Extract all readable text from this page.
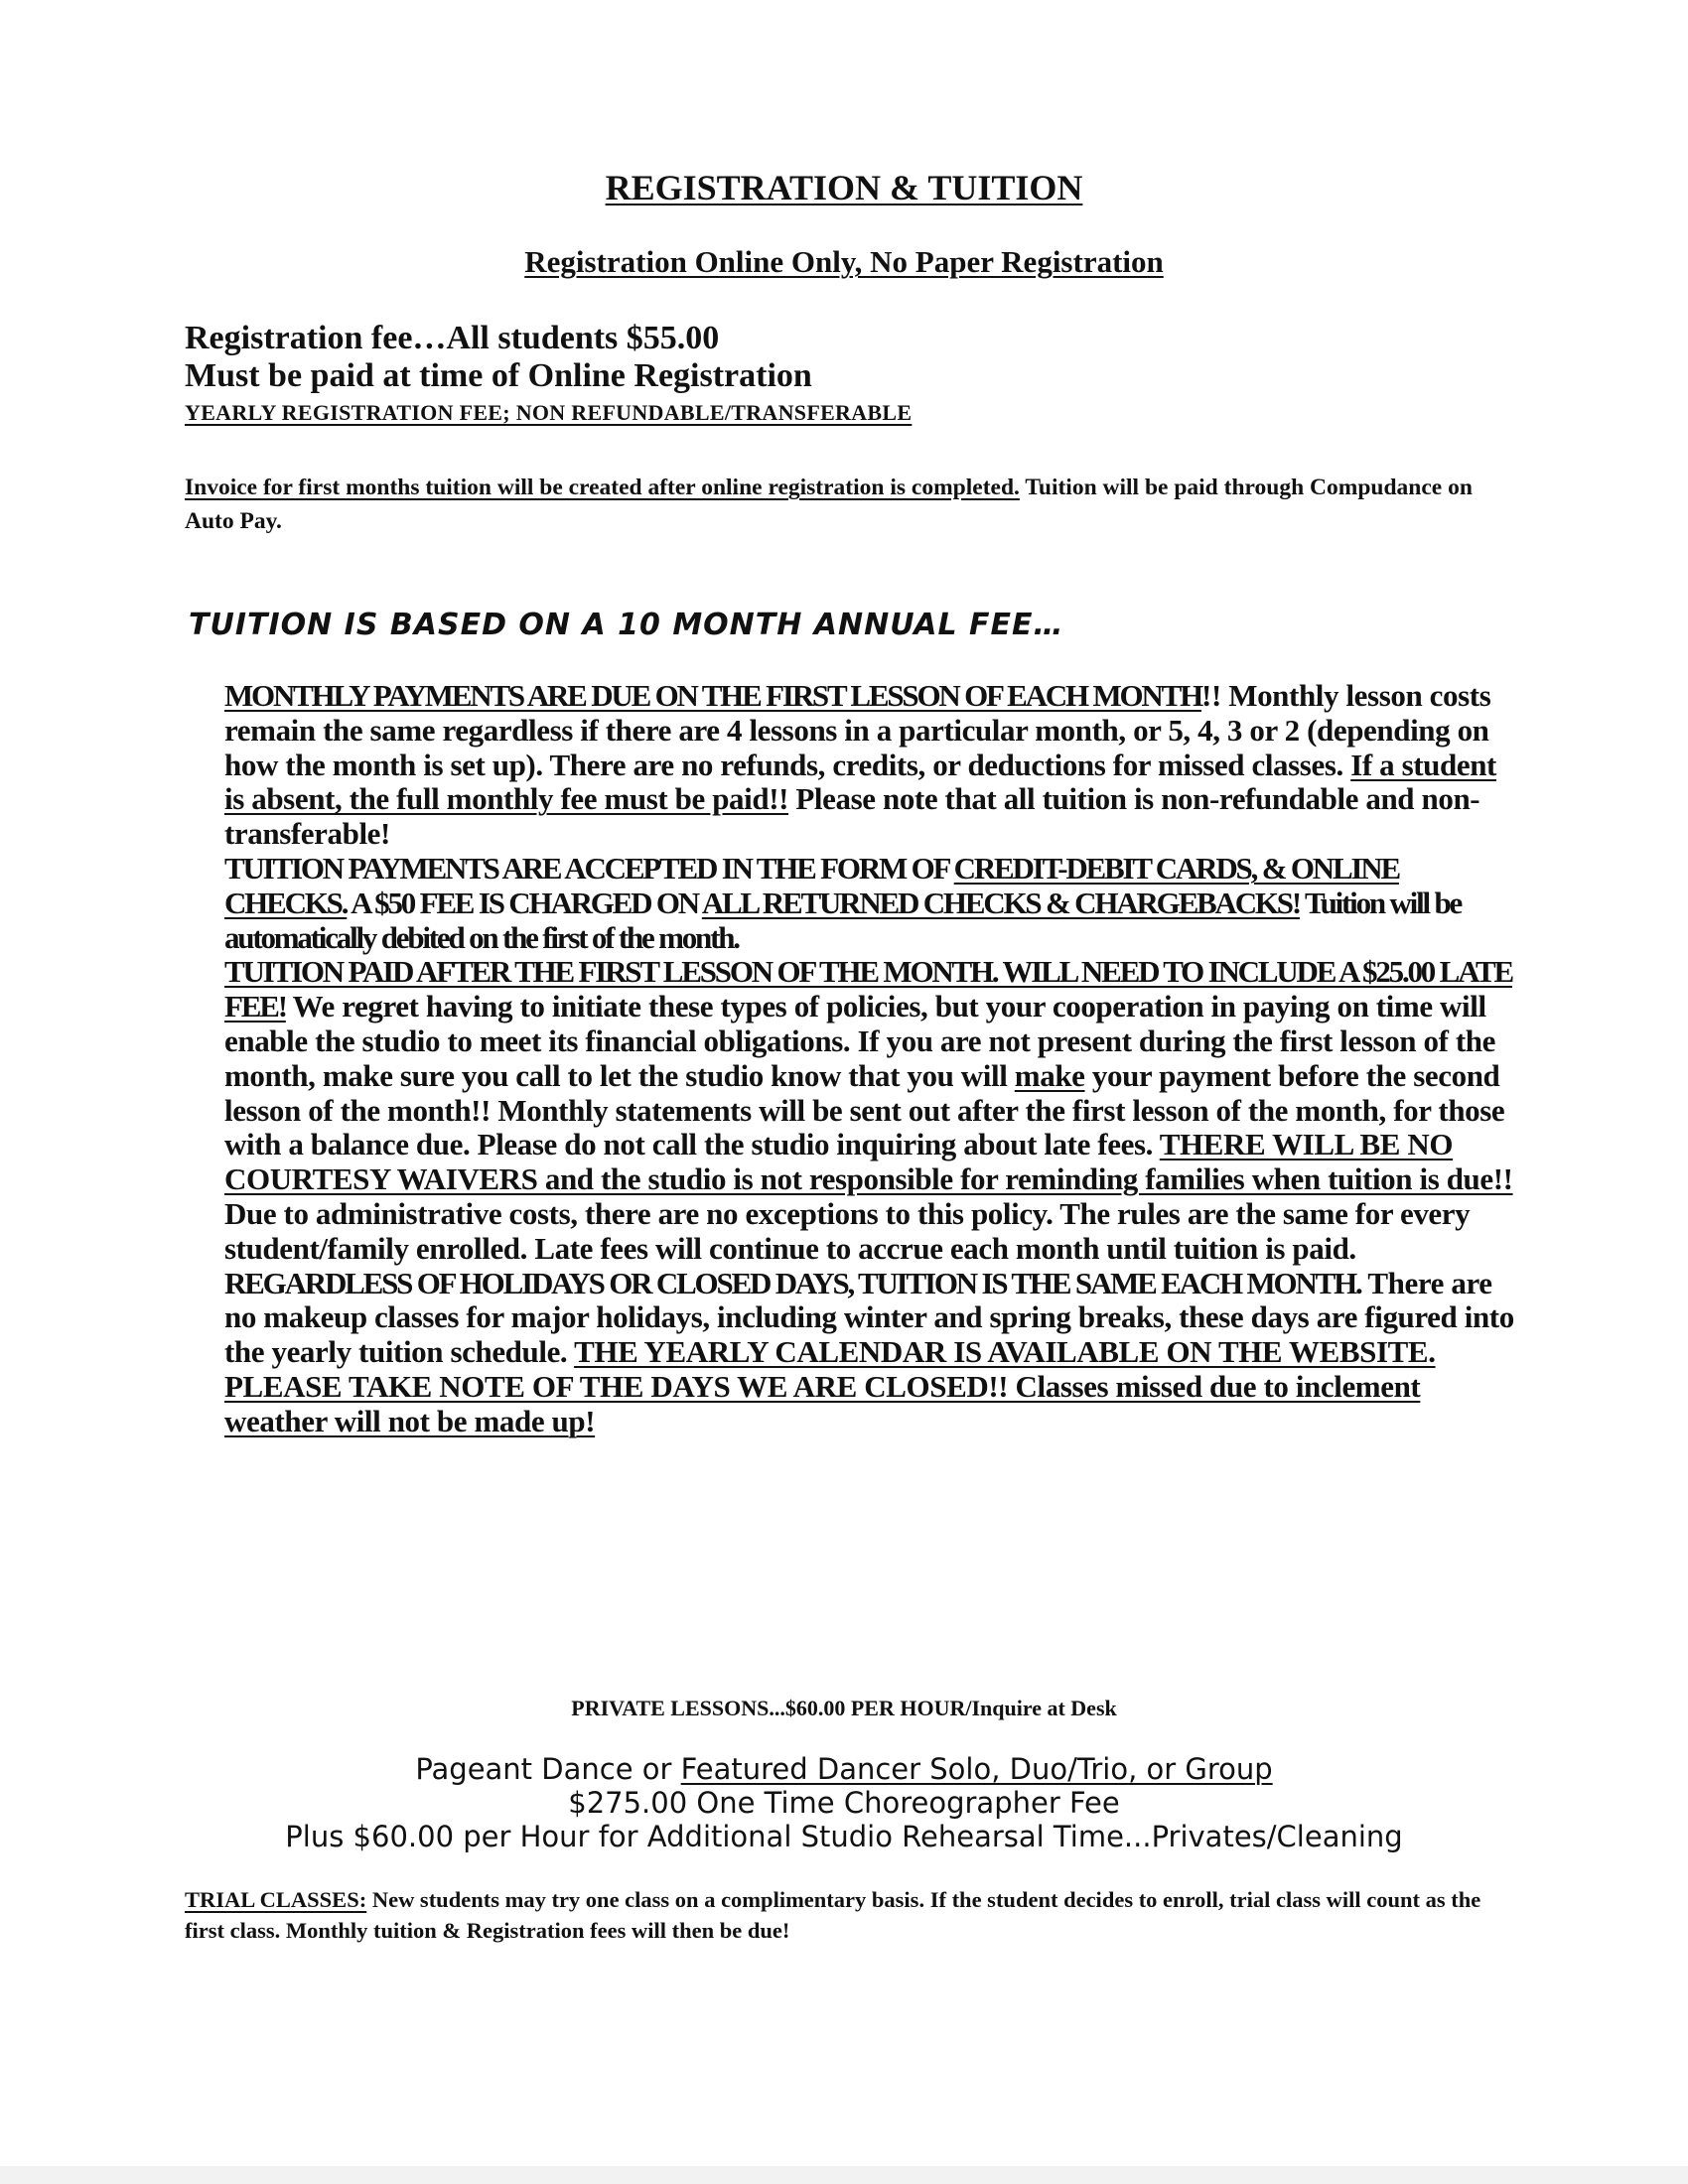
REGISTRATION & TUITION
Registration Online Only, No Paper Registration
Registration fee…All students $55.00
Must be paid at time of Online Registration
YEARLY REGISTRATION FEE; NON REFUNDABLE/TRANSFERABLE
Invoice for first months tuition will be created after online registration is completed. Tuition will be paid through Compudance on Auto Pay.
TUITION IS BASED ON A 10 MONTH ANNUAL FEE…

MONTHLY PAYMENTS ARE DUE ON THE FIRST LESSON OF EACH MONTH!! Monthly lesson costs remain the same regardless if there are 4 lessons in a particular month, or 5, 4, 3 or 2 (depending on how the month is set up). There are no refunds, credits, or deductions for missed classes. If a student is absent, the full monthly fee must be paid!! Please note that all tuition is non-refundable and non-transferable!

TUITION PAYMENTS ARE ACCEPTED IN THE FORM OF CREDIT-DEBIT CARDS, & ONLINE CHECKS. A $50 FEE IS CHARGED ON ALL RETURNED CHECKS & CHARGEBACKS! Tuition will be automatically debited on the first of the month.

TUITION PAID AFTER THE FIRST LESSON OF THE MONTH. WILL NEED TO INCLUDE A $25.00 LATE FEE! We regret having to initiate these types of policies, but your cooperation in paying on time will enable the studio to meet its financial obligations. If you are not present during the first lesson of the month, make sure you call to let the studio know that you will make your payment before the second lesson of the month!! Monthly statements will be sent out after the first lesson of the month, for those with a balance due. Please do not call the studio inquiring about late fees. THERE WILL BE NO COURTESY WAIVERS and the studio is not responsible for reminding families when tuition is due!! Due to administrative costs, there are no exceptions to this policy. The rules are the same for every student/family enrolled. Late fees will continue to accrue each month until tuition is paid.

REGARDLESS OF HOLIDAYS OR CLOSED DAYS, TUITION IS THE SAME EACH MONTH. There are no makeup classes for major holidays, including winter and spring breaks, these days are figured into the yearly tuition schedule. THE YEARLY CALENDAR IS AVAILABLE ON THE WEBSITE. PLEASE TAKE NOTE OF THE DAYS WE ARE CLOSED!! Classes missed due to inclement weather will not be made up!

PRIVATE LESSONS...$60.00 PER HOUR/Inquire at Desk
Pageant Dance or Featured Dancer Solo, Duo/Trio, or Group
$275.00 One Time Choreographer Fee
Plus $60.00 per Hour for Additional Studio Rehearsal Time...Privates/Cleaning
TRIAL CLASSES: New students may try one class on a complimentary basis. If the student decides to enroll, trial class will count as the first class. Monthly tuition & Registration fees will then be due!
